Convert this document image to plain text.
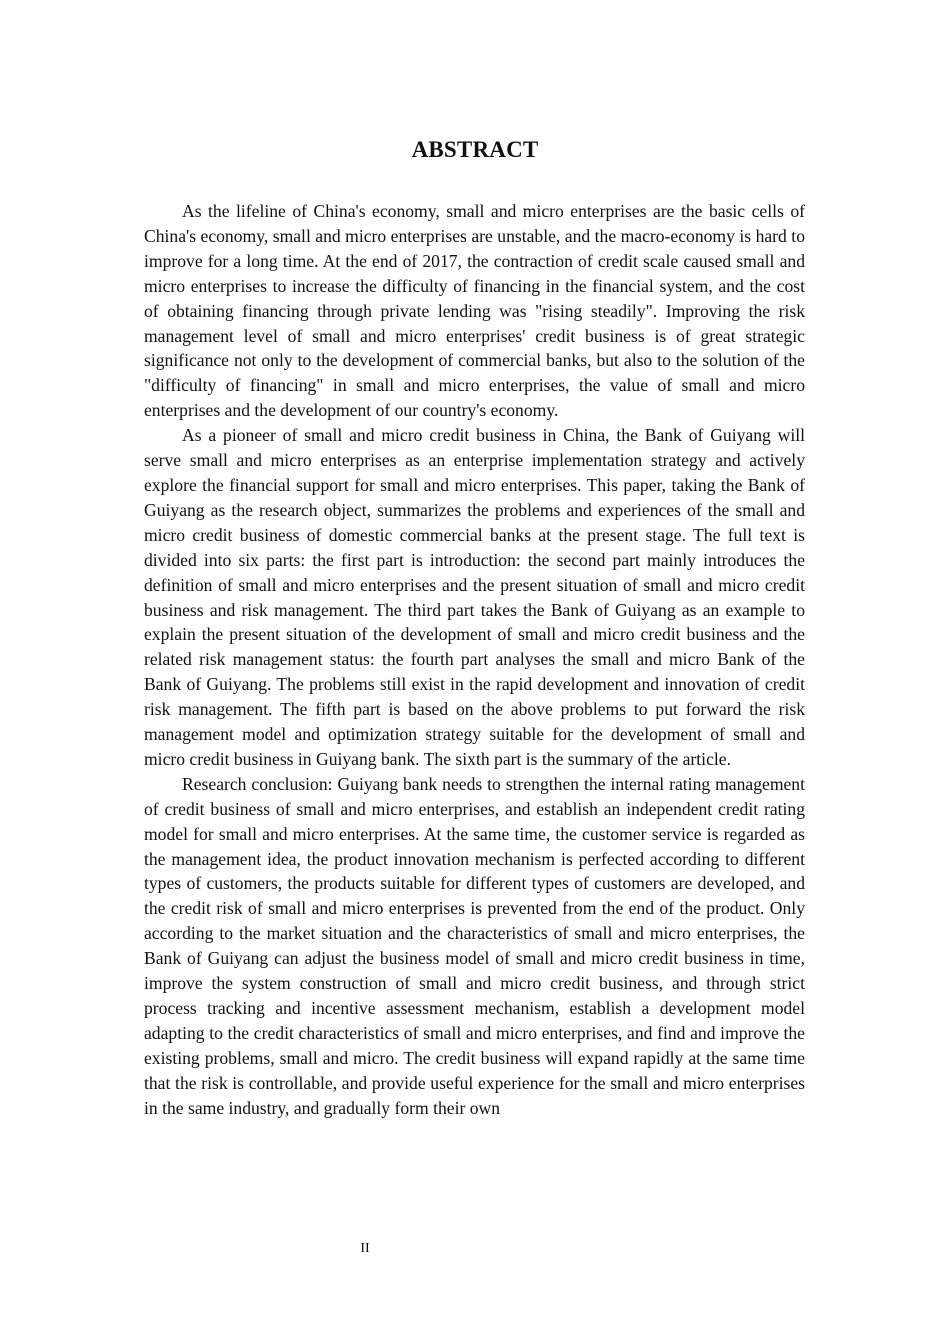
ABSTRACT

As the lifeline of China's economy, small and micro enterprises are the basic cells of China's economy, small and micro enterprises are unstable, and the macro-economy is hard to improve for a long time. At the end of 2017, the contraction of credit scale caused small and micro enterprises to increase the difficulty of financing in the financial system, and the cost of obtaining financing through private lending was "rising steadily". Improving the risk management level of small and micro enterprises' credit business is of great strategic significance not only to the development of commercial banks, but also to the solution of the "difficulty of financing" in small and micro enterprises, the value of small and micro enterprises and the development of our country's economy.

As a pioneer of small and micro credit business in China, the Bank of Guiyang will serve small and micro enterprises as an enterprise implementation strategy and actively explore the financial support for small and micro enterprises. This paper, taking the Bank of Guiyang as the research object, summarizes the problems and experiences of the small and micro credit business of domestic commercial banks at the present stage. The full text is divided into six parts: the first part is introduction: the second part mainly introduces the definition of small and micro enterprises and the present situation of small and micro credit business and risk management. The third part takes the Bank of Guiyang as an example to explain the present situation of the development of small and micro credit business and the related risk management status: the fourth part analyses the small and micro Bank of the Bank of Guiyang. The problems still exist in the rapid development and innovation of credit risk management. The fifth part is based on the above problems to put forward the risk management model and optimization strategy suitable for the development of small and micro credit business in Guiyang bank. The sixth part is the summary of the article.

Research conclusion: Guiyang bank needs to strengthen the internal rating management of credit business of small and micro enterprises, and establish an independent credit rating model for small and micro enterprises. At the same time, the customer service is regarded as the management idea, the product innovation mechanism is perfected according to different types of customers, the products suitable for different types of customers are developed, and the credit risk of small and micro enterprises is prevented from the end of the product. Only according to the market situation and the characteristics of small and micro enterprises, the Bank of Guiyang can adjust the business model of small and micro credit business in time, improve the system construction of small and micro credit business, and through strict process tracking and incentive assessment mechanism, establish a development model adapting to the credit characteristics of small and micro enterprises, and find and improve the existing problems, small and micro. The credit business will expand rapidly at the same time that the risk is controllable, and provide useful experience for the small and micro enterprises in the same industry, and gradually form their own

II
